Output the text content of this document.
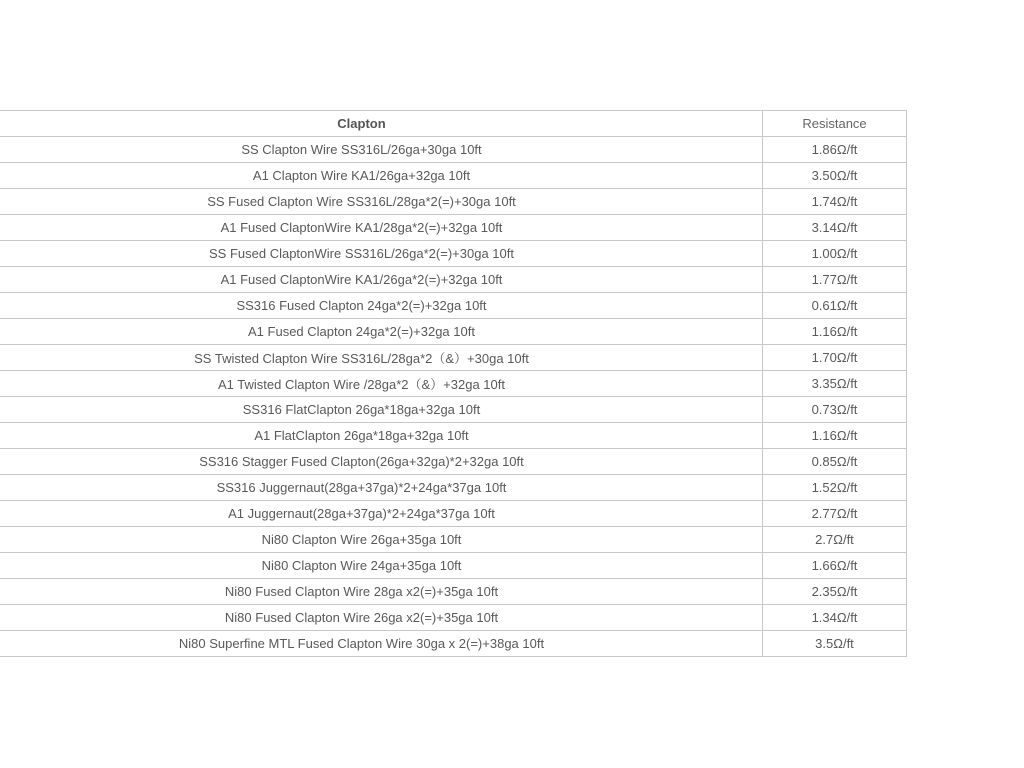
Clapton	Resistance
SS Clapton Wire SS316L/26ga+30ga 10ft	1.86Ω/ft
A1 Clapton Wire KA1/26ga+32ga 10ft	3.50Ω/ft
SS Fused Clapton Wire SS316L/28ga*2(=)+30ga 10ft	1.74Ω/ft
A1 Fused ClaptonWire KA1/28ga*2(=)+32ga 10ft	3.14Ω/ft
SS Fused ClaptonWire SS316L/26ga*2(=)+30ga 10ft	1.00Ω/ft
A1 Fused ClaptonWire KA1/26ga*2(=)+32ga 10ft	1.77Ω/ft
SS316 Fused Clapton 24ga*2(=)+32ga 10ft	0.61Ω/ft
A1 Fused Clapton 24ga*2(=)+32ga 10ft	1.16Ω/ft
SS Twisted Clapton Wire SS316L/28ga*2（&）+30ga 10ft	1.70Ω/ft
A1 Twisted Clapton Wire /28ga*2（&）+32ga 10ft	3.35Ω/ft
SS316 FlatClapton 26ga*18ga+32ga 10ft	0.73Ω/ft
A1 FlatClapton 26ga*18ga+32ga 10ft	1.16Ω/ft
SS316 Stagger Fused Clapton(26ga+32ga)*2+32ga 10ft	0.85Ω/ft
SS316 Juggernaut(28ga+37ga)*2+24ga*37ga 10ft	1.52Ω/ft
A1 Juggernaut(28ga+37ga)*2+24ga*37ga 10ft	2.77Ω/ft
Ni80 Clapton Wire 26ga+35ga 10ft	2.7Ω/ft
Ni80 Clapton Wire 24ga+35ga 10ft	1.66Ω/ft
Ni80 Fused Clapton Wire 28ga x2(=)+35ga 10ft	2.35Ω/ft
Ni80 Fused Clapton Wire 26ga x2(=)+35ga 10ft	1.34Ω/ft
Ni80 Superfine MTL Fused Clapton Wire 30ga x 2(=)+38ga 10ft	3.5Ω/ft
